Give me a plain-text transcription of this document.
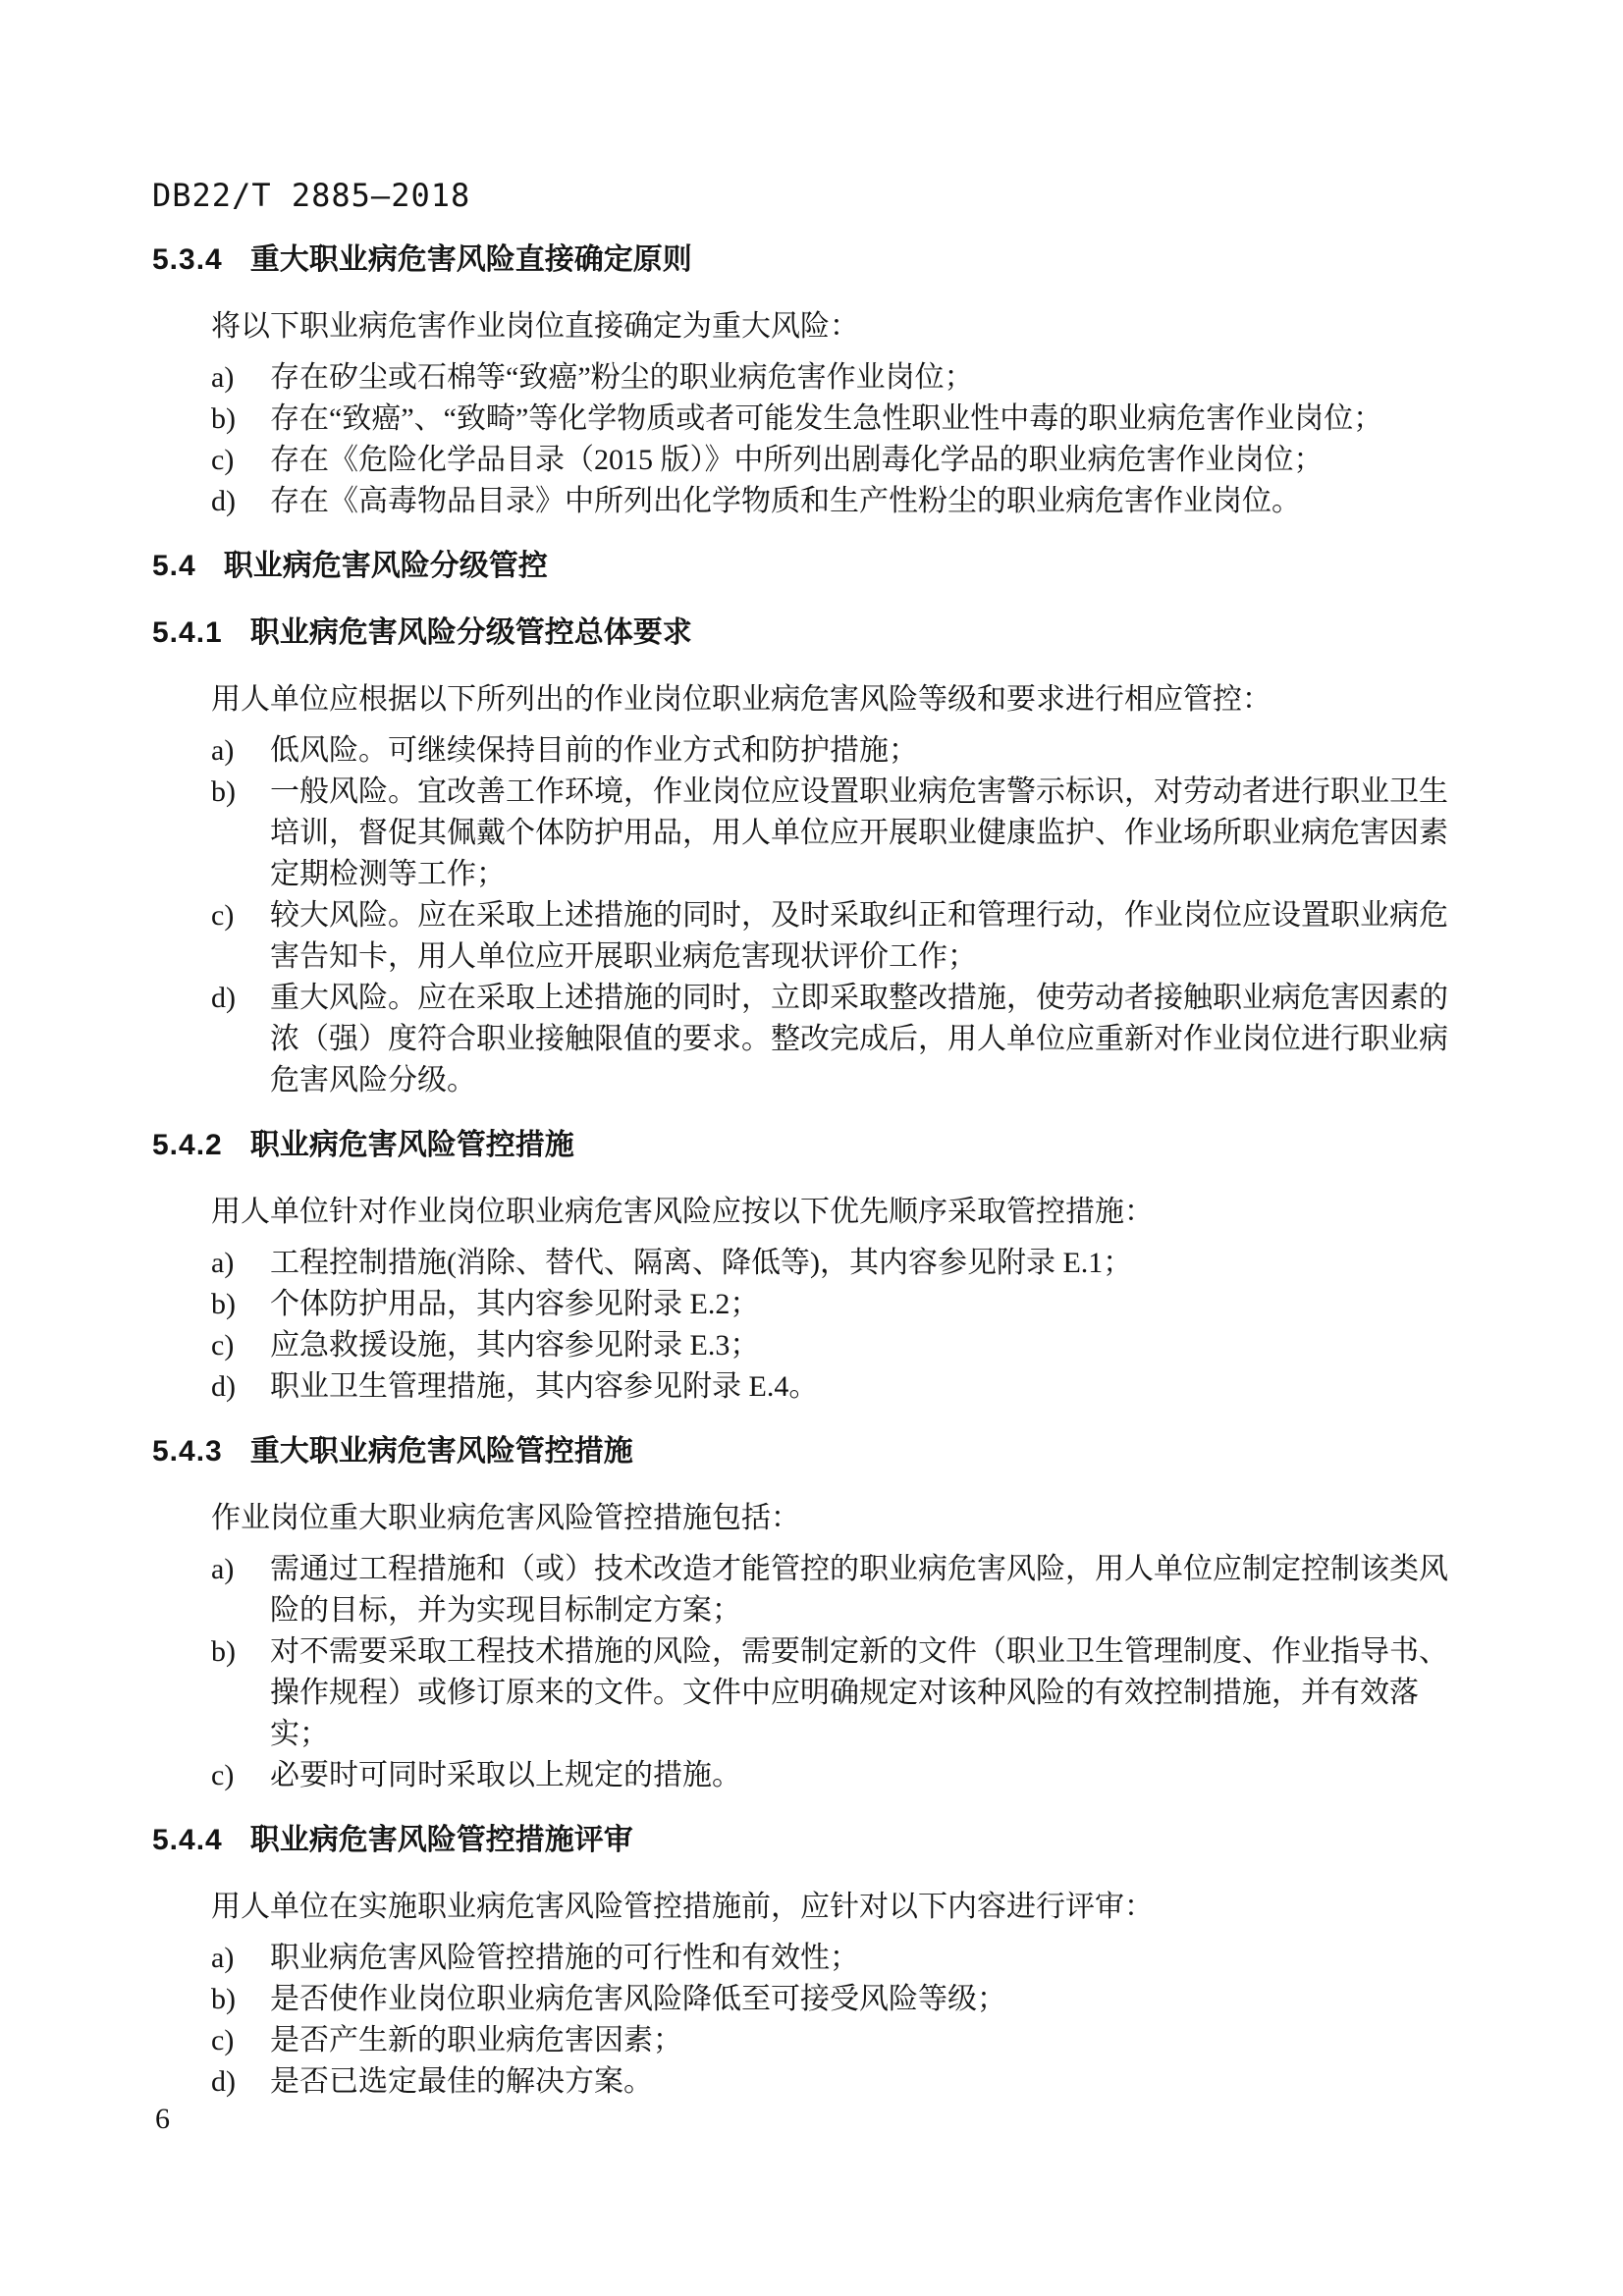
DB22/T 2885—2018
5.3.4 重大职业病危害风险直接确定原则

将以下职业病危害作业岗位直接确定为重大风险：

a)	存在矽尘或石棉等“致癌”粉尘的职业病危害作业岗位；
b)	存在“致癌”、“致畸”等化学物质或者可能发生急性职业性中毒的职业病危害作业岗位；
c)	存在《危险化学品目录（2015 版）》中所列出剧毒化学品的职业病危害作业岗位；
d)	存在《高毒物品目录》中所列出化学物质和生产性粉尘的职业病危害作业岗位。
5.4 职业病危害风险分级管控
5.4.1 职业病危害风险分级管控总体要求

用人单位应根据以下所列出的作业岗位职业病危害风险等级和要求进行相应管控：

a)	低风险。可继续保持目前的作业方式和防护措施；
b)	一般风险。宜改善工作环境，作业岗位应设置职业病危害警示标识，对劳动者进行职业卫生培训，督促其佩戴个体防护用品，用人单位应开展职业健康监护、作业场所职业病危害因素定期检测等工作；
c)	较大风险。应在采取上述措施的同时，及时采取纠正和管理行动，作业岗位应设置职业病危害告知卡，用人单位应开展职业病危害现状评价工作；
d)	重大风险。应在采取上述措施的同时，立即采取整改措施，使劳动者接触职业病危害因素的浓（强）度符合职业接触限值的要求。整改完成后，用人单位应重新对作业岗位进行职业病危害风险分级。
5.4.2 职业病危害风险管控措施

用人单位针对作业岗位职业病危害风险应按以下优先顺序采取管控措施：

a)	工程控制措施(消除、替代、隔离、降低等)，其内容参见附录 E.1；
b)	个体防护用品，其内容参见附录 E.2；
c)	应急救援设施，其内容参见附录 E.3；
d)	职业卫生管理措施，其内容参见附录 E.4。
5.4.3 重大职业病危害风险管控措施

作业岗位重大职业病危害风险管控措施包括：

a)	需通过工程措施和（或）技术改造才能管控的职业病危害风险，用人单位应制定控制该类风险的目标，并为实现目标制定方案；
b)	对不需要采取工程技术措施的风险，需要制定新的文件（职业卫生管理制度、作业指导书、操作规程）或修订原来的文件。文件中应明确规定对该种风险的有效控制措施，并有效落实；
c)	必要时可同时采取以上规定的措施。
5.4.4 职业病危害风险管控措施评审

用人单位在实施职业病危害风险管控措施前，应针对以下内容进行评审：

a)	职业病危害风险管控措施的可行性和有效性；
b)	是否使作业岗位职业病危害风险降低至可接受风险等级；
c)	是否产生新的职业病危害因素；
d)	是否已选定最佳的解决方案。
6
